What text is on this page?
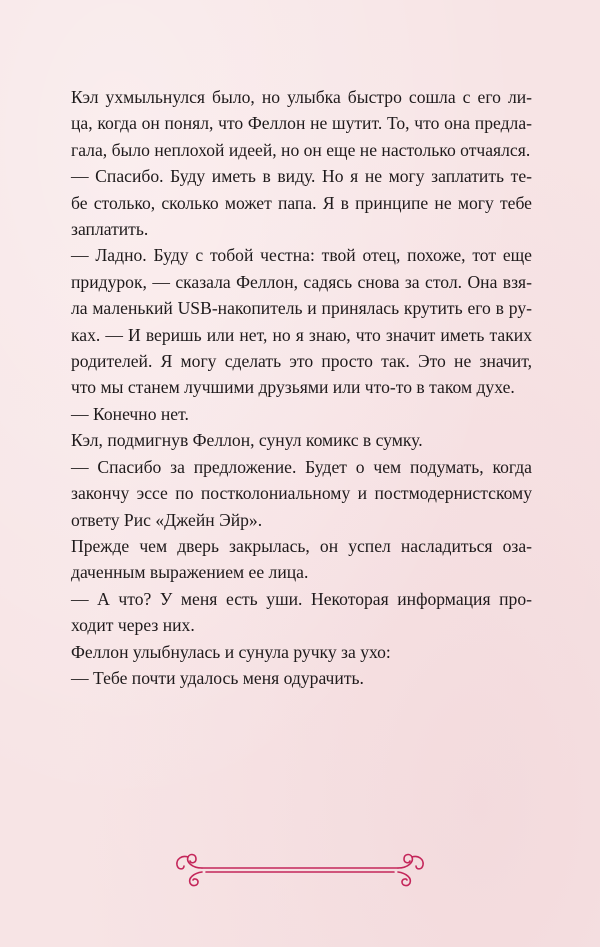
Кэл ухмыльнулся было, но улыбка быстро сошла с его ли-
ца, когда он понял, что Феллон не шутит. То, что она предла-
гала, было неплохой идеей, но он еще не настолько отчаялся.

— Спасибо. Буду иметь в виду. Но я не могу заплатить те-
бе столько, сколько может папа. Я в принципе не могу тебе
заплатить.

— Ладно. Буду с тобой честна: твой отец, похоже, тот еще
придурок, — сказала Феллон, садясь снова за стол. Она взя-
ла маленький USB-накопитель и принялась крутить его в ру-
ках. — И веришь или нет, но я знаю, что значит иметь таких
родителей. Я могу сделать это просто так. Это не значит,
что мы станем лучшими друзьями или что-то в таком духе.

— Конечно нет.

Кэл, подмигнув Феллон, сунул комикс в сумку.

— Спасибо за предложение. Будет о чем подумать, когда
закончу эссе по постколониальному и постмодернистскому
ответу Рис «Джейн Эйр».

Прежде чем дверь закрылась, он успел насладиться оза-
даченным выражением ее лица.

— А что? У меня есть уши. Некоторая информация про-
ходит через них.

Феллон улыбнулась и сунула ручку за ухо:

— Тебе почти удалось меня одурачить.
